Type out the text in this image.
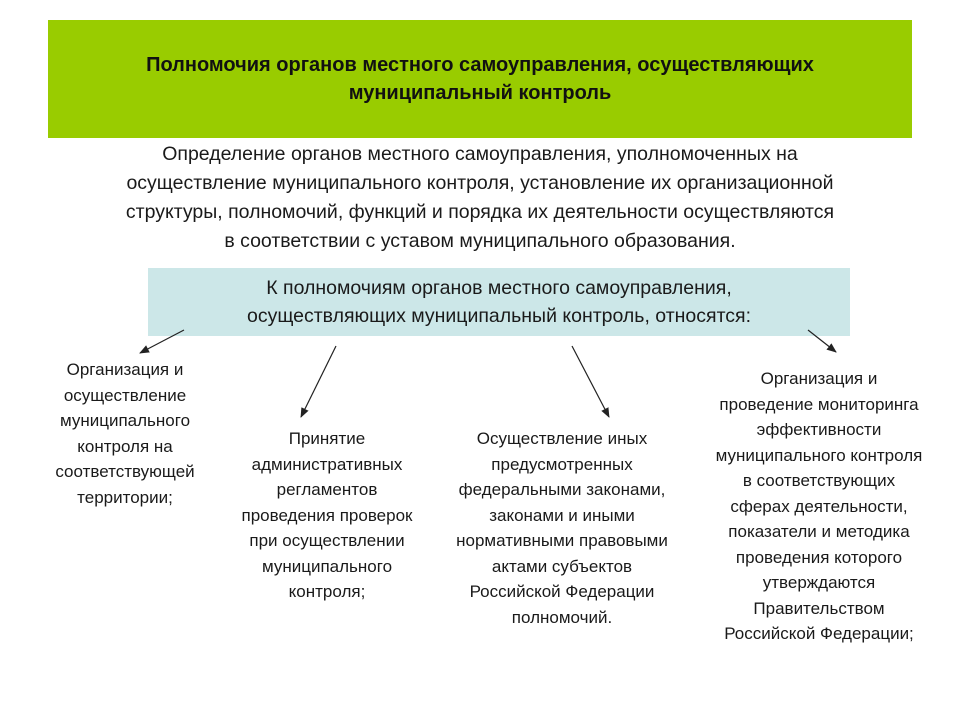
Полномочия органов местного самоуправления, осуществляющих
муниципальный контроль
Определение органов местного самоуправления, уполномоченных на
осуществление муниципального контроля, установление их организационной
структуры, полномочий, функций и порядка их деятельности осуществляются
в соответствии с уставом муниципального образования.
К полномочиям органов местного самоуправления,
осуществляющих муниципальный контроль, относятся:
Организация и
осуществление
муниципального
контроля на
соответствующей
территории;
Принятие
административных
регламентов
проведения проверок
при осуществлении
муниципального
контроля;
Осуществление иных
предусмотренных
федеральными законами,
законами и иными
нормативными правовыми
актами субъектов
Российской Федерации
полномочий.
Организация и
проведение мониторинга
эффективности
муниципального контроля
в соответствующих
сферах деятельности,
показатели и методика
проведения которого
утверждаются
Правительством
Российской Федерации;
